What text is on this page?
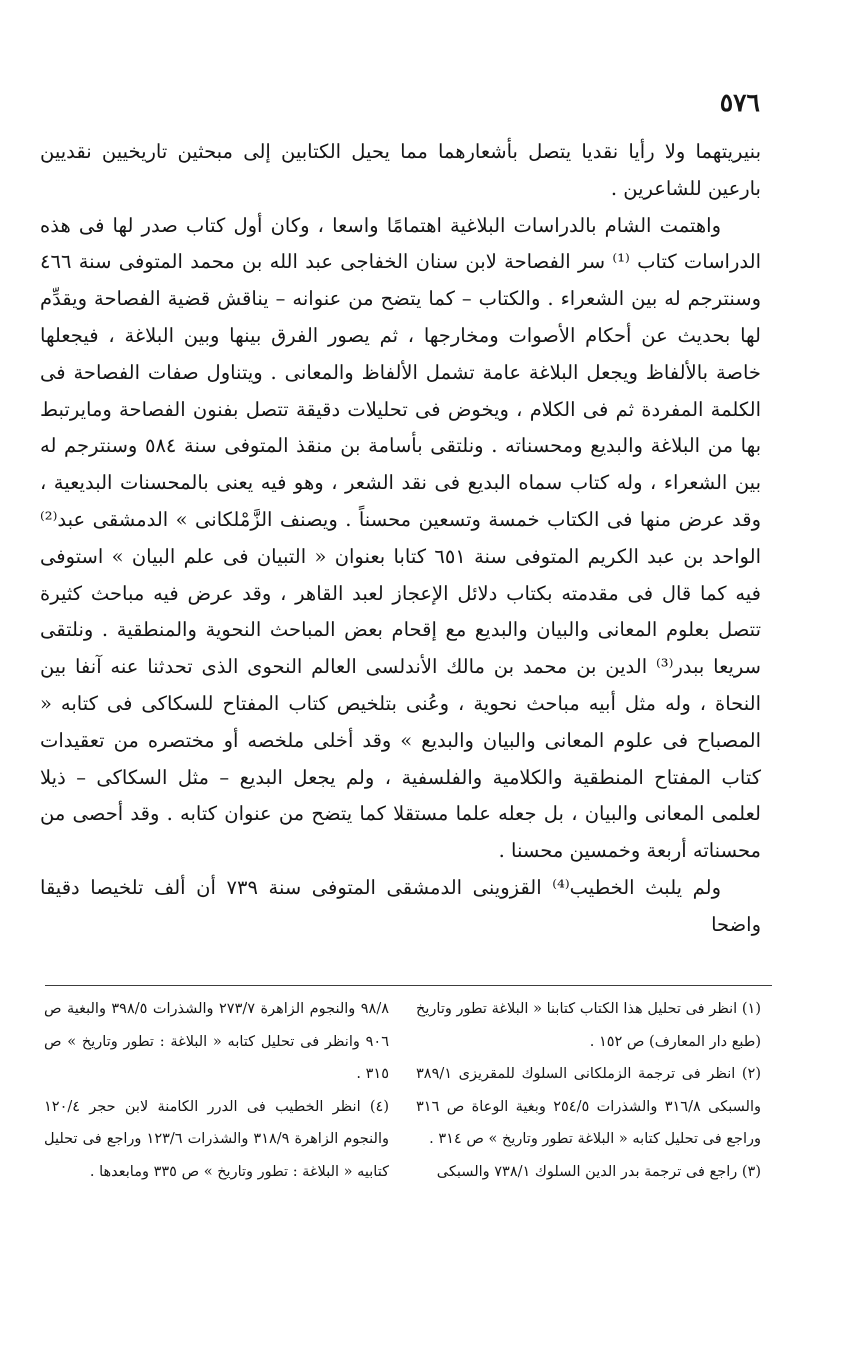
٥٧٦

بنيريتهما ولا رأيا نقديا يتصل بأشعارهما مما يحيل الكتابين إلى مبحثين تاريخيين نقديين بارعين للشاعرين .

واهتمت الشام بالدراسات البلاغية اهتمامًا واسعا ، وكان أول كتاب صدر لها فى هذه الدراسات كتاب ⁽¹⁾ سر الفصاحة لابن سنان الخفاجى عبد الله بن محمد المتوفى سنة ٤٦٦ وسنترجم له بين الشعراء . والكتاب – كما يتضح من عنوانه – يناقش قضية الفصاحة ويقدِّم لها بحديث عن أحكام الأصوات ومخارجها ، ثم يصور الفرق بينها وبين البلاغة ، فيجعلها خاصة بالألفاظ ويجعل البلاغة عامة تشمل الألفاظ والمعانى . ويتناول صفات الفصاحة فى الكلمة المفردة ثم فى الكلام ، ويخوض فى تحليلات دقيقة تتصل بفنون الفصاحة ومايرتبط بها من البلاغة والبديع ومحسناته . ونلتقى بأسامة بن منقذ المتوفى سنة ٥٨٤ وسنترجم له بين الشعراء ، وله كتاب سماه البديع فى نقد الشعر ، وهو فيه يعنى بالمحسنات البديعية ، وقد عرض منها فى الكتاب خمسة وتسعين محسناً . ويصنف الزَّمْلكانى » الدمشقى عبد⁽²⁾ الواحد بن عبد الكريم المتوفى سنة ٦٥١ كتابا بعنوان « التبيان فى علم البيان » استوفى فيه كما قال فى مقدمته بكتاب دلائل الإعجاز لعبد القاهر ، وقد عرض فيه مباحث كثيرة تتصل بعلوم المعانى والبيان والبديع مع إقحام بعض المباحث النحوية والمنطقية . ونلتقى سريعا ببدر⁽³⁾ الدين بن محمد بن مالك الأندلسى العالم النحوى الذى تحدثنا عنه آنفا بين النحاة ، وله مثل أبيه مباحث نحوية ، وعُنى بتلخيص كتاب المفتاح للسكاكى فى كتابه « المصباح فى علوم المعانى والبيان والبديع » وقد أخلى ملخصه أو مختصره من تعقيدات كتاب المفتاح المنطقية والكلامية والفلسفية ، ولم يجعل البديع – مثل السكاكى – ذيلا لعلمى المعانى والبيان ، بل جعله علما مستقلا كما يتضح من عنوان كتابه . وقد أحصى من محسناته أربعة وخمسين محسنا .

ولم يلبث الخطيب⁽⁴⁾ القزوينى الدمشقى المتوفى سنة ٧٣٩ أن ألف تلخيصا دقيقا واضحا

(١) انظر فى تحليل هذا الكتاب كتابنا « البلاغة تطور وتاريخ (طبع دار المعارف) ص ١٥٢ .

(٢) انظر فى ترجمة الزملكانى السلوك للمقريزى ٣٨٩/١ والسبكى ٣١٦/٨ والشذرات ٢٥٤/٥ وبغية الوعاة ص ٣١٦ وراجع فى تحليل كتابه « البلاغة تطور وتاريخ » ص ٣١٤ .

(٣) راجع فى ترجمة بدر الدين السلوك ٧٣٨/١ والسبكى

٩٨/٨ والنجوم الزاهرة ٢٧٣/٧ والشذرات ٣٩٨/٥ والبغية ص ٩٠٦ وانظر فى تحليل كتابه « البلاغة : تطور وتاريخ » ص ٣١٥ .

(٤) انظر الخطيب فى الدرر الكامنة لابن حجر ١٢٠/٤ والنجوم الزاهرة ٣١٨/٩ والشذرات ١٢٣/٦ وراجع فى تحليل كتابيه « البلاغة : تطور وتاريخ » ص ٣٣٥ ومابعدها .
